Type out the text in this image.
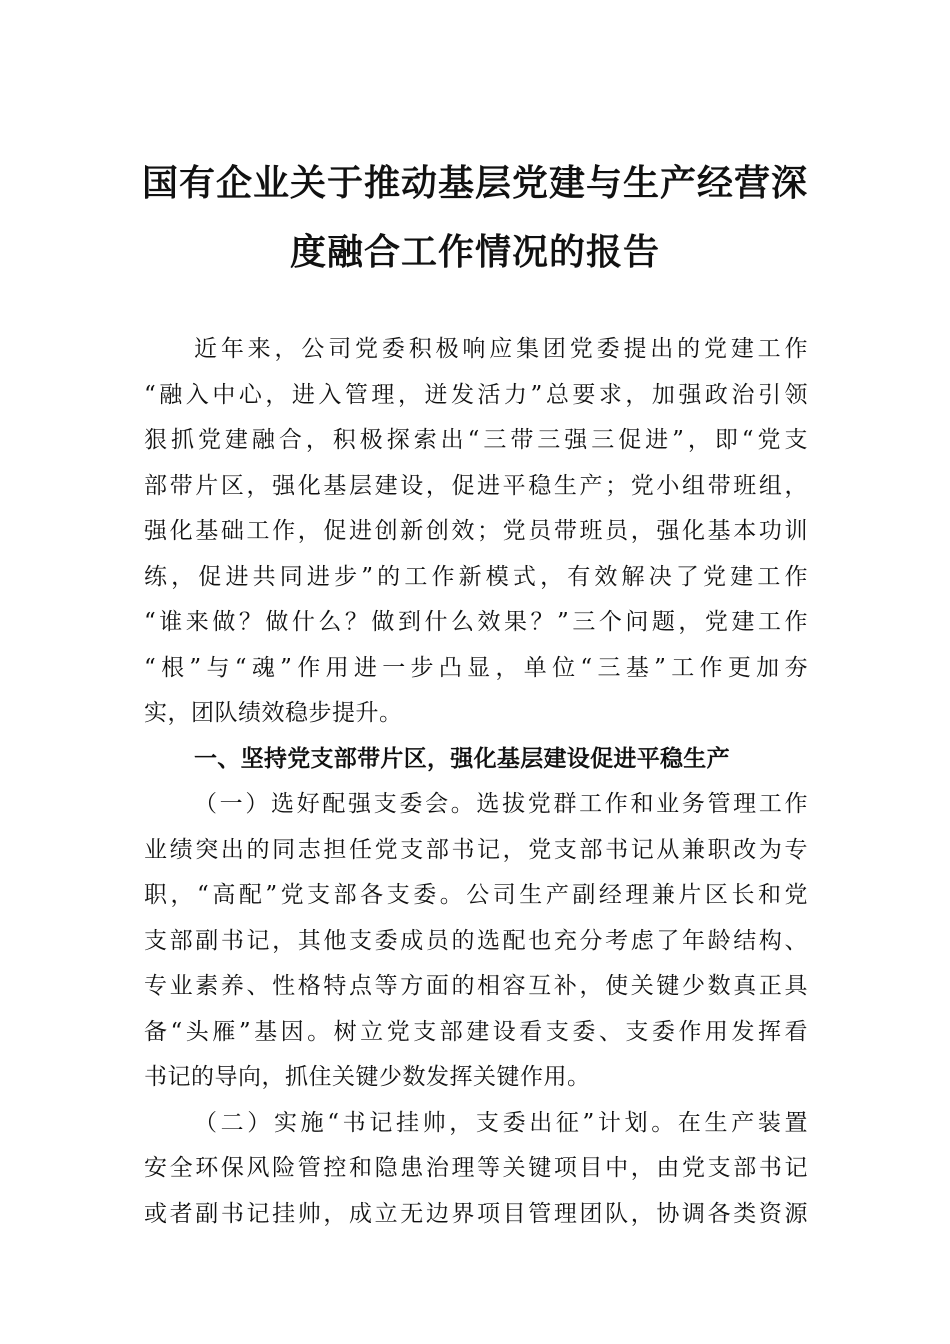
国有企业关于推动基层党建与生产经营深
度融合工作情况的报告
近年来，公司党委积极响应集团党委提出的党建工作
“融入中心，进入管理，迸发活力”总要求，加强政治引领
狠抓党建融合，积极探索出“三带三强三促进”，即“党支
部带片区，强化基层建设，促进平稳生产；党小组带班组，
强化基础工作，促进创新创效；党员带班员，强化基本功训
练，促进共同进步”的工作新模式，有效解决了党建工作
“谁来做？做什么？做到什么效果？”三个问题，党建工作
“根”与“魂”作用进一步凸显，单位“三基”工作更加夯
实，团队绩效稳步提升。
一、坚持党支部带片区，强化基层建设促进平稳生产
（一）选好配强支委会。选拔党群工作和业务管理工作
业绩突出的同志担任党支部书记，党支部书记从兼职改为专
职，“高配”党支部各支委。公司生产副经理兼片区长和党
支部副书记，其他支委成员的选配也充分考虑了年龄结构、
专业素养、性格特点等方面的相容互补，使关键少数真正具
备“头雁”基因。树立党支部建设看支委、支委作用发挥看
书记的导向，抓住关键少数发挥关键作用。
（二）实施“书记挂帅，支委出征”计划。在生产装置
安全环保风险管控和隐患治理等关键项目中，由党支部书记
或者副书记挂帅，成立无边界项目管理团队，协调各类资源
